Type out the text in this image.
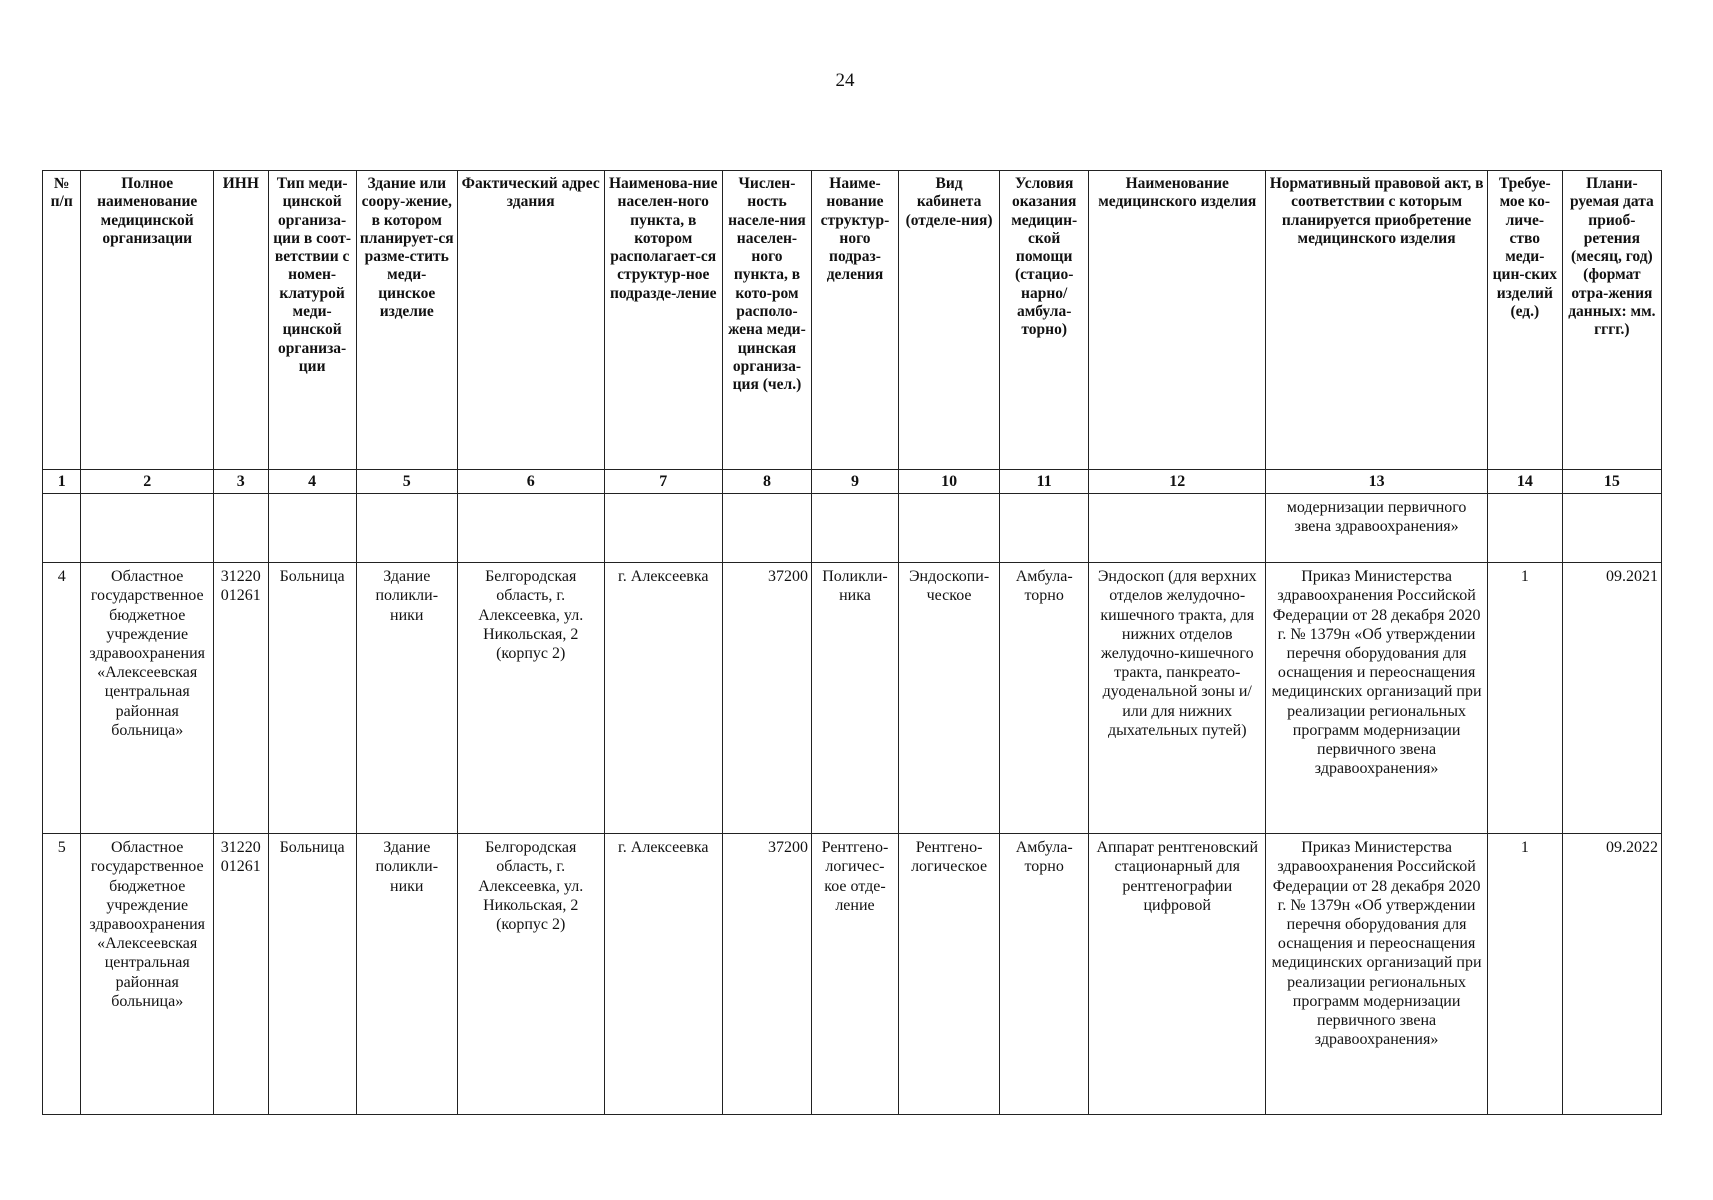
24
№ п/п	Полное наименование медицинской организации	ИНН	Тип меди-цинской организа-ции в соот-ветствии с номен-клатурой меди-цинской организа-ции	Здание или соору-жение, в котором планирует-ся разме-стить меди-цинское изделие	Фактический адрес здания	Наименова-ние населен-ного пункта, в котором располагает-ся структур-ное подразде-ление	Числен-ность населе-ния населен-ного пункта, в кото-ром располо-жена меди-цинская организа-ция (чел.)	Наиме-нование структур-ного подраз-деления	Вид кабинета (отделе-ния)	Условия оказания медицин-ской помощи (стацио-нарно/ амбула-торно)	Наименование медицинского изделия	Нормативный правовой акт, в соответствии с которым планируется приобретение медицинского изделия	Требуе-мое ко-личе-ство меди-цин-ских изделий (ед.)	Плани-руемая дата приоб-ретения (месяц, год) (формат отра-жения данных: мм. гггг.)
1	2	3	4	5	6	7	8	9	10	11	12	13	14	15
												модернизации первичного звена здравоохранения»		
4	Областное государственное бюджетное учреждение здравоохранения «Алексеевская центральная районная больница»	3122001261	Больница	Здание поликли-ники	Белгородская область, г. Алексеевка, ул. Никольская, 2 (корпус 2)	г. Алексеевка	37200	Поликли-ника	Эндоскопи-ческое	Амбула-торно	Эндоскоп (для верхних отделов желудочно-кишечного тракта, для нижних отделов желудочно-кишечного тракта, панкреато-дуоденальной зоны и/или для нижних дыхательных путей)	Приказ Министерства здравоохранения Российской Федерации от 28 декабря 2020 г. № 1379н «Об утверждении перечня оборудования для оснащения и переоснащения медицинских организаций при реализации региональных программ модернизации первичного звена здравоохранения»	1	09.2021
5	Областное государственное бюджетное учреждение здравоохранения «Алексеевская центральная районная больница»	3122001261	Больница	Здание поликли-ники	Белгородская область, г. Алексеевка, ул. Никольская, 2 (корпус 2)	г. Алексеевка	37200	Рентгено-логичес-кое отде-ление	Рентгено-логическое	Амбула-торно	Аппарат рентгеновский стационарный для рентгенографии цифровой	Приказ Министерства здравоохранения Российской Федерации от 28 декабря 2020 г. № 1379н «Об утверждении перечня оборудования для оснащения и переоснащения медицинских организаций при реализации региональных программ модернизации первичного звена здравоохранения»	1	09.2022
